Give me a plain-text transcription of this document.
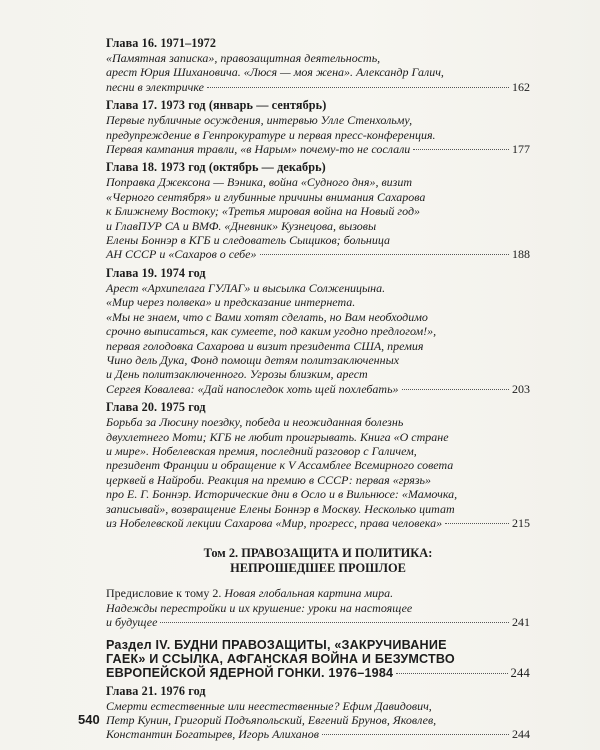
Глава 16. 1971–1972
«Памятная записка», правозащитная деятельность,
арест Юрия Шихановича. «Люся — моя жена». Александр Галич,
песни в электричке	162
Глава 17. 1973 год (январь — сентябрь)
Первые публичные осуждения, интервью Улле Стенхольму,
предупреждение в Генпрокуратуре и первая пресс-конференция.
Первая кампания травли, «в Нарым» почему-то не сослали	177
Глава 18. 1973 год (октябрь — декабрь)
Поправка Джексона — Вэника, война «Судного дня», визит
«Черного сентября» и глубинные причины внимания Сахарова
к Ближнему Востоку; «Третья мировая война на Новый год»
и ГлавПУР СА и ВМФ. «Дневник» Кузнецова, вызовы
Елены Боннэр в КГБ и следователь Сыщиков; больница
АН СССР и «Сахаров о себе»	188
Глава 19. 1974 год
Арест «Архипелага ГУЛАГ» и высылка Солженицына.
«Мир через полвека» и предсказание интернета.
«Мы не знаем, что с Вами хотят сделать, но Вам необходимо
срочно выписаться, как сумеете, под каким угодно предлогом!»,
первая голодовка Сахарова и визит президента США, премия
Чино дель Дука, Фонд помощи детям политзаключенных
и День политзаключенного. Угрозы близким, арест
Сергея Ковалева: «Дай напоследок хоть щей похлебать»	203
Глава 20. 1975 год
Борьба за Люсину поездку, победа и неожиданная болезнь
двухлетнего Моти; КГБ не любит проигрывать. Книга «О стране
и мире». Нобелевская премия, последний разговор с Галичем,
президент Франции и обращение к V Ассамблее Всемирного совета
церквей в Найроби. Реакция на премию в СССР: первая «грязь»
про Е. Г. Боннэр. Исторические дни в Осло и в Вильнюсе: «Мамочка,
записывай», возвращение Елены Боннэр в Москву. Несколько цитат
из Нобелевской лекции Сахарова «Мир, прогресс, права человека»	215
Том 2. ПРАВОЗАЩИТА И ПОЛИТИКА:
НЕПРОШЕДШЕЕ ПРОШЛОЕ
Предисловие к тому 2. Новая глобальная картина мира.
Надежды перестройки и их крушение: уроки на настоящее
и будущее	241
Раздел IV. БУДНИ ПРАВОЗАЩИТЫ, «ЗАКРУЧИВАНИЕ
ГАЕК» И ССЫЛКА, АФГАНСКАЯ ВОЙНА И БЕЗУМСТВО
ЕВРОПЕЙСКОЙ ЯДЕРНОЙ ГОНКИ. 1976–1984	244
Глава 21. 1976 год
Смерти естественные или неестественные? Ефим Давидович,
Петр Кунин, Григорий Подъяпольский, Евгений Брунов, Яковлев,
Константин Богатырев, Игорь Алиханов	244
540
